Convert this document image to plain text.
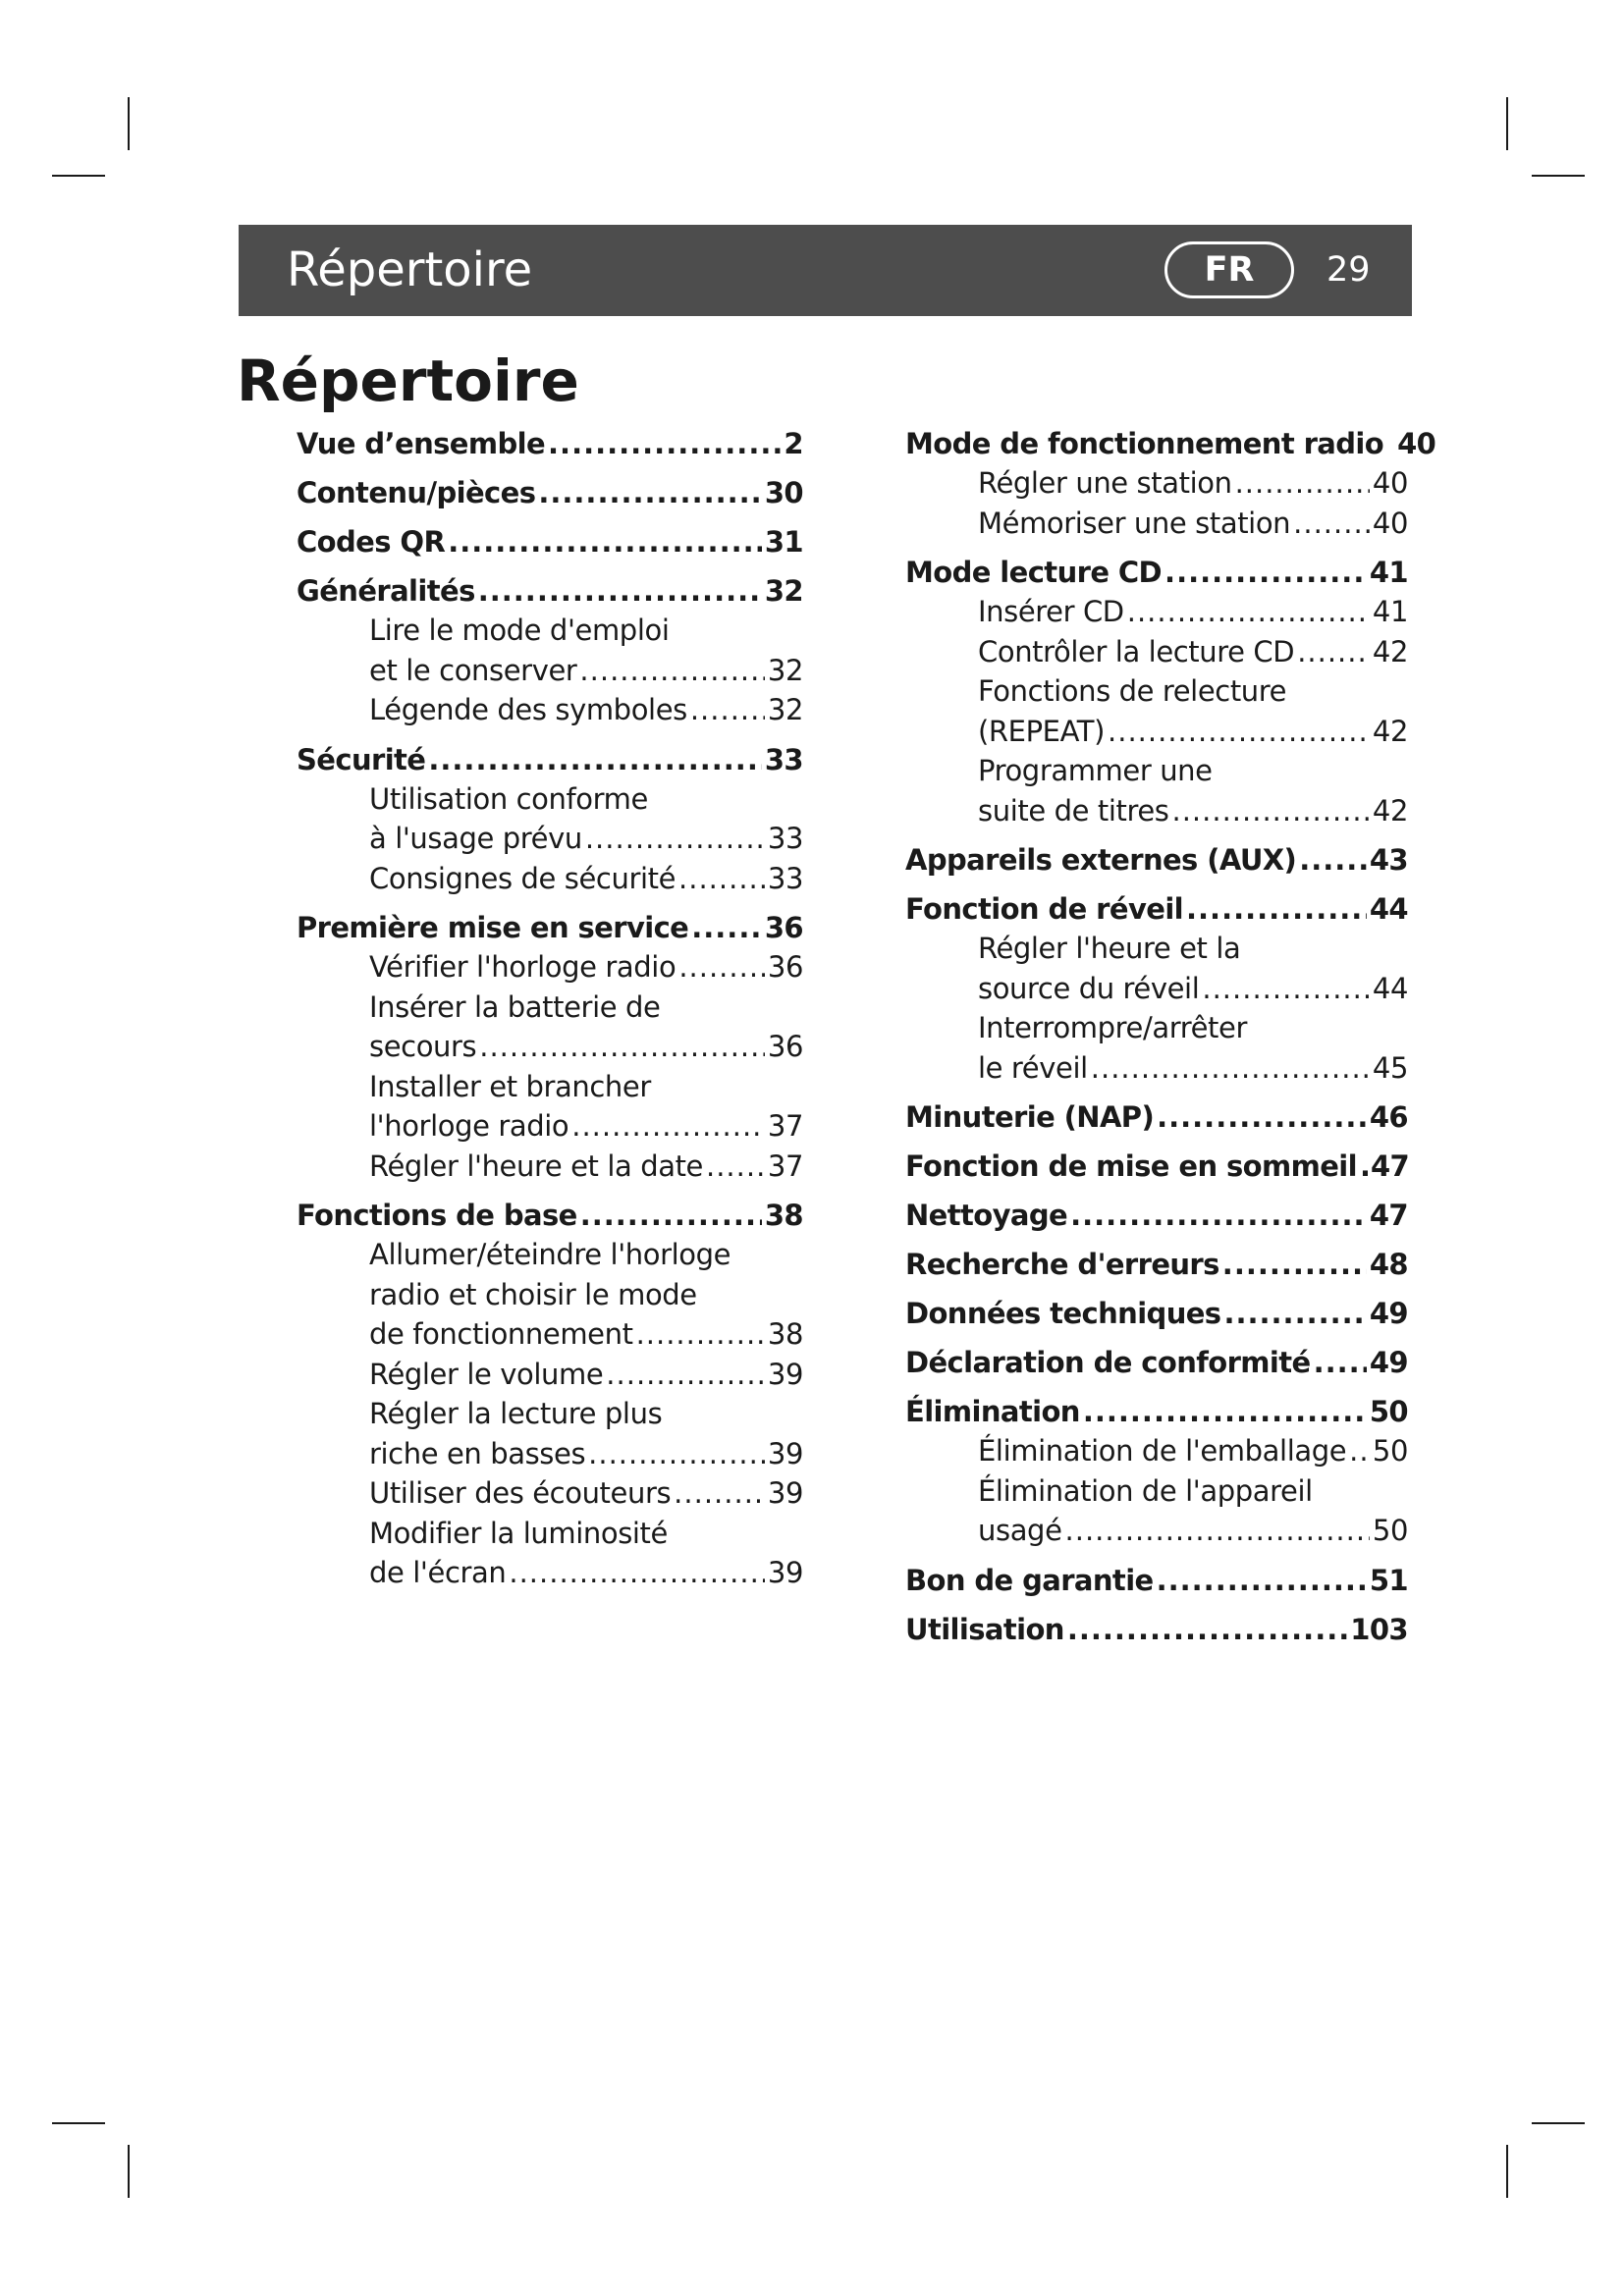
Répertoire	FR	29
Répertoire
Vue d’ensemble .....	2
Contenu/pièces .....	30
Codes QR .....	31
Généralités .....	32
Lire le mode d'emploi
et le conserver .....	32
Légende des symboles .....	32
Sécurité .....	33
Utilisation conforme
à l'usage prévu .....	33
Consignes de sécurité .....	33
Première mise en service .....	36
Vérifier l'horloge radio .....	36
Insérer la batterie de
secours .....	36
Installer et brancher
l'horloge radio .....	37
Régler l'heure et la date ..... 37
Fonctions de base .....	38
Allumer/éteindre l'horloge
radio et choisir le mode
de fonctionnement .....	38
Régler le volume .....	39
Régler la lecture plus
riche en basses .....	39
Utiliser des écouteurs .....	39
Modifier la luminosité
de l'écran .....	39
Mode de fonctionnement radio 40
Régler une station .....	40
Mémoriser une station .....	40
Mode lecture CD .....	41
Insérer CD .....	41
Contrôler la lecture CD .....	42
Fonctions de relecture
(REPEAT) .....	42
Programmer une
suite de titres .....	42
Appareils externes (AUX) .....	43
Fonction de réveil .....	44
Régler l'heure et la
source du réveil .....	44
Interrompre/arrêter
le réveil .....	45
Minuterie (NAP) .....	46
Fonction de mise en sommeil ..... 47
Nettoyage .....	47
Recherche d'erreurs .....	48
Données techniques .....	49
Déclaration de conformité ..... 49
Élimination .....	50
Élimination de l'emballage ..... 50
Élimination de l'appareil
usagé .....	50
Bon de garantie .....	51
Utilisation .....	103
